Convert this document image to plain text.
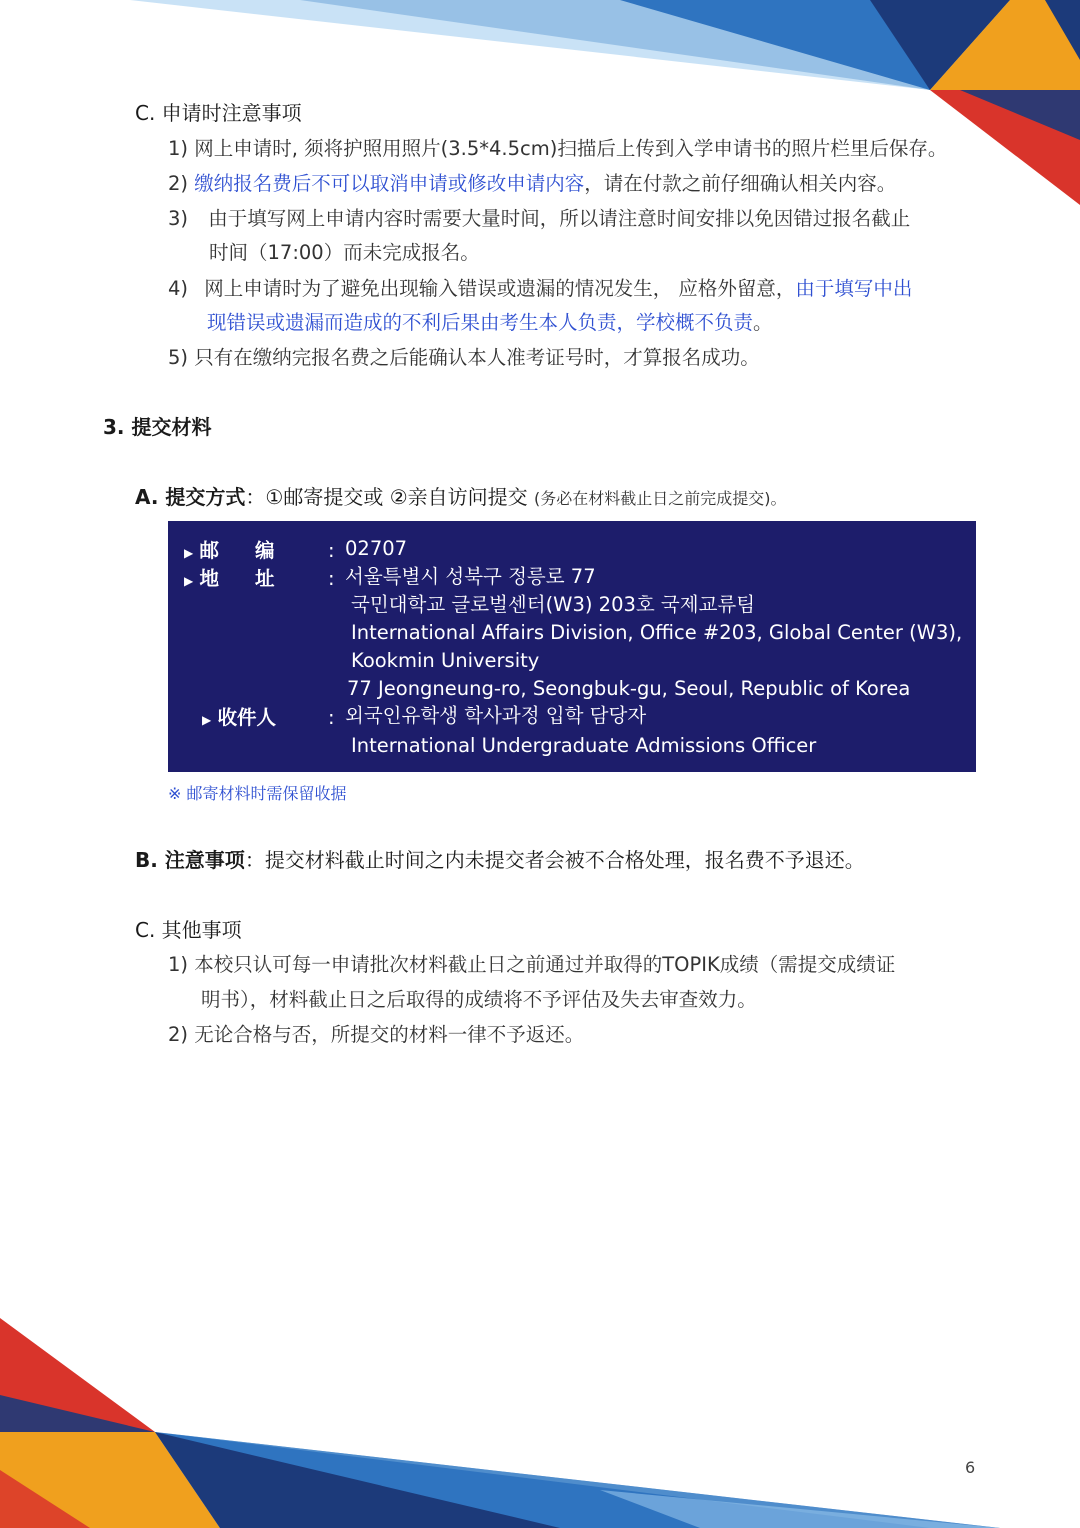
C. 申请时注意事项
1) 网上申请时, 须将护照用照片(3.5*4.5cm)扫描后上传到入学申请书的照片栏里后保存。
2) 缴纳报名费后不可以取消申请或修改申请内容，请在付款之前仔细确认相关内容。
3) 由于填写网上申请内容时需要大量时间，所以请注意时间安排以免因错过报名截止
时间（17:00）而未完成报名。
4) 网上申请时为了避免出现输入错误或遗漏的情况发生， 应格外留意，由于填写中出
现错误或遗漏而造成的不利后果由考生本人负责，学校概不负责。
5) 只有在缴纳完报名费之后能确认本人准考证号时，才算报名成功。
3. 提交材料
A. 提交方式：①邮寄提交或 ②亲自访问提交 (务必在材料截止日之前完成提交)。
▶ 邮 编	: 02707
▶ 地 址	: 서울특별시 성북구 정릉로 77
국민대학교 글로벌센터(W3) 203호 국제교류팀
International Affairs Division, Office #203, Global Center (W3),
Kookmin University
77 Jeongneung-ro, Seongbuk-gu, Seoul, Republic of Korea
▶ 收件人	: 외국인유학생 학사과정 입학 담당자
International Undergraduate Admissions Officer
※ 邮寄材料时需保留收据
B. 注意事项：提交材料截止时间之内未提交者会被不合格处理，报名费不予退还。
C. 其他事项
1) 本校只认可每一申请批次材料截止日之前通过并取得的TOPIK成绩（需提交成绩证
明书），材料截止日之后取得的成绩将不予评估及失去审查效力。
2) 无论合格与否，所提交的材料一律不予返还。
6
